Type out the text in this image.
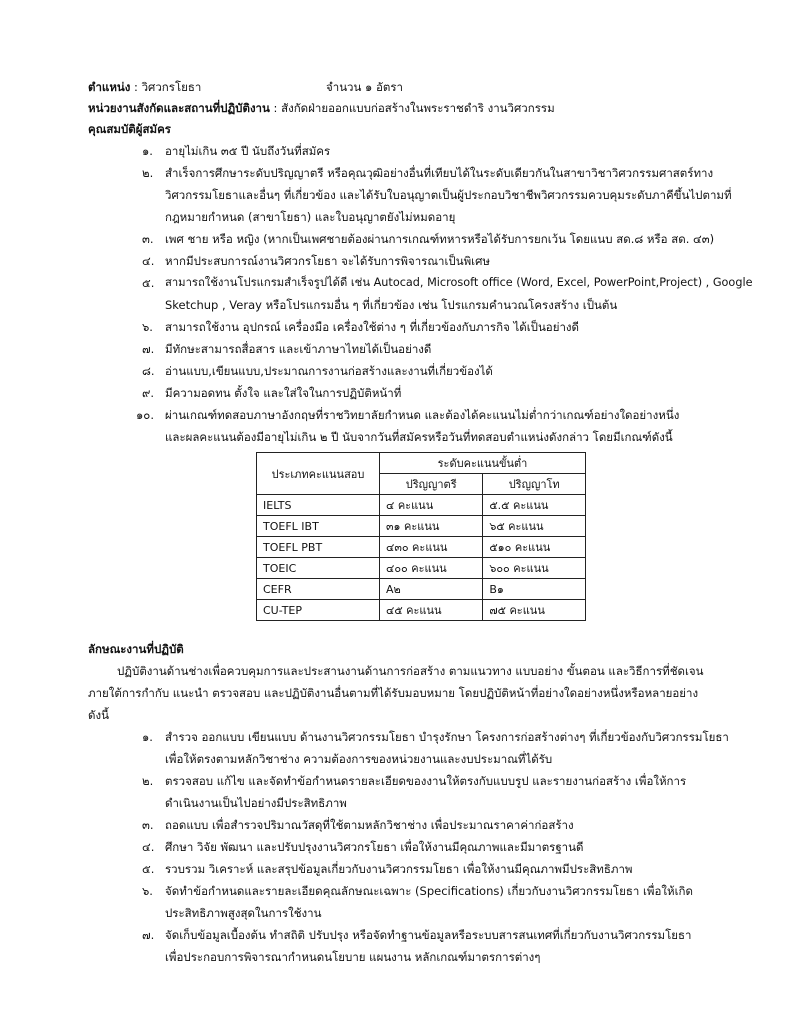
ตำแหน่ง : วิศวกรโยธา	จำนวน ๑ อัตรา
หน่วยงานสังกัดและสถานที่ปฏิบัติงาน : สังกัดฝ่ายออกแบบก่อสร้างในพระราชดำริ งานวิศวกรรม
คุณสมบัติผู้สมัคร
๑. อายุไม่เกิน ๓๕ ปี นับถึงวันที่สมัคร
๒. สำเร็จการศึกษาระดับปริญญาตรี หรือคุณวุฒิอย่างอื่นที่เทียบได้ในระดับเดียวกันในสาขาวิชาวิศวกรรมศาสตร์ทาง
วิศวกรรมโยธาและอื่นๆ ที่เกี่ยวข้อง และได้รับใบอนุญาตเป็นผู้ประกอบวิชาชีพวิศวกรรมควบคุมระดับภาคีขึ้นไปตามที่
กฎหมายกำหนด (สาขาโยธา) และใบอนุญาตยังไม่หมดอายุ
๓. เพศ ชาย หรือ หญิง (หากเป็นเพศชายต้องผ่านการเกณฑ์ทหารหรือได้รับการยกเว้น โดยแนบ สด.๘ หรือ สด. ๔๓)
๔. หากมีประสบการณ์งานวิศวกรโยธา จะได้รับการพิจารณาเป็นพิเศษ
๕. สามารถใช้งานโปรแกรมสำเร็จรูปได้ดี เช่น Autocad, Microsoft office (Word, Excel, PowerPoint,Project) , Google
Sketchup , Veray หรือโปรแกรมอื่น ๆ ที่เกี่ยวข้อง เช่น โปรแกรมคำนวณโครงสร้าง เป็นต้น
๖. สามารถใช้งาน อุปกรณ์ เครื่องมือ เครื่องใช้ต่าง ๆ ที่เกี่ยวข้องกับภารกิจ ได้เป็นอย่างดี
๗. มีทักษะสามารถสื่อสาร และเข้าภาษาไทยได้เป็นอย่างดี
๘. อ่านแบบ,เขียนแบบ,ประมาณการงานก่อสร้างและงานที่เกี่ยวข้องได้
๙. มีความอดทน ตั้งใจ และใส่ใจในการปฏิบัติหน้าที่
๑๐. ผ่านเกณฑ์ทดสอบภาษาอังกฤษที่ราชวิทยาลัยกำหนด และต้องได้คะแนนไม่ต่ำกว่าเกณฑ์อย่างใดอย่างหนึ่ง
และผลคะแนนต้องมีอายุไม่เกิน ๒ ปี นับจากวันที่สมัครหรือวันที่ทดสอบตำแหน่งดังกล่าว โดยมีเกณฑ์ดังนี้
ประเภทคะแนนสอบ	ระดับคะแนนขั้นต่ำ	
	ปริญญาตรี	ปริญญาโท
IELTS	๔ คะแนน	๕.๕ คะแนน
TOEFL IBT	๓๑ คะแนน	๖๕ คะแนน
TOEFL PBT	๔๓๐ คะแนน	๕๑๐ คะแนน
TOEIC	๔๐๐ คะแนน	๖๐๐ คะแนน
CEFR	A๒	B๑
CU-TEP	๔๕ คะแนน	๗๕ คะแนน
ลักษณะงานที่ปฏิบัติ
ปฏิบัติงานด้านช่างเพื่อควบคุมการและประสานงานด้านการก่อสร้าง ตามแนวทาง แบบอย่าง ขั้นตอน และวิธีการที่ชัดเจน
ภายใต้การกำกับ แนะนำ ตรวจสอบ และปฏิบัติงานอื่นตามที่ได้รับมอบหมาย โดยปฏิบัติหน้าที่อย่างใดอย่างหนึ่งหรือหลายอย่าง
ดังนี้
๑. สำรวจ ออกแบบ เขียนแบบ ด้านงานวิศวกรรมโยธา บำรุงรักษา โครงการก่อสร้างต่างๆ ที่เกี่ยวข้องกับวิศวกรรมโยธา
เพื่อให้ตรงตามหลักวิชาช่าง ความต้องการของหน่วยงานและงบประมาณที่ได้รับ
๒. ตรวจสอบ แก้ไข และจัดทำข้อกำหนดรายละเอียดของงานให้ตรงกับแบบรูป และรายงานก่อสร้าง เพื่อให้การ
ดำเนินงานเป็นไปอย่างมีประสิทธิภาพ
๓. ถอดแบบ เพื่อสำรวจปริมาณวัสดุที่ใช้ตามหลักวิชาช่าง เพื่อประมาณราคาค่าก่อสร้าง
๔. ศึกษา วิจัย พัฒนา และปรับปรุงงานวิศวกรโยธา เพื่อให้งานมีคุณภาพและมีมาตรฐานดี
๕. รวบรวม วิเคราะห์ และสรุปข้อมูลเกี่ยวกับงานวิศวกรรมโยธา เพื่อให้งานมีคุณภาพมีประสิทธิภาพ
๖. จัดทำข้อกำหนดและรายละเอียดคุณลักษณะเฉพาะ (Specifications) เกี่ยวกับงานวิศวกรรมโยธา เพื่อให้เกิด
ประสิทธิภาพสูงสุดในการใช้งาน
๗. จัดเก็บข้อมูลเบื้องต้น ทำสถิติ ปรับปรุง หรือจัดทำฐานข้อมูลหรือระบบสารสนเทศที่เกี่ยวกับงานวิศวกรรมโยธา
เพื่อประกอบการพิจารณากำหนดนโยบาย แผนงาน หลักเกณฑ์มาตรการต่างๆ
